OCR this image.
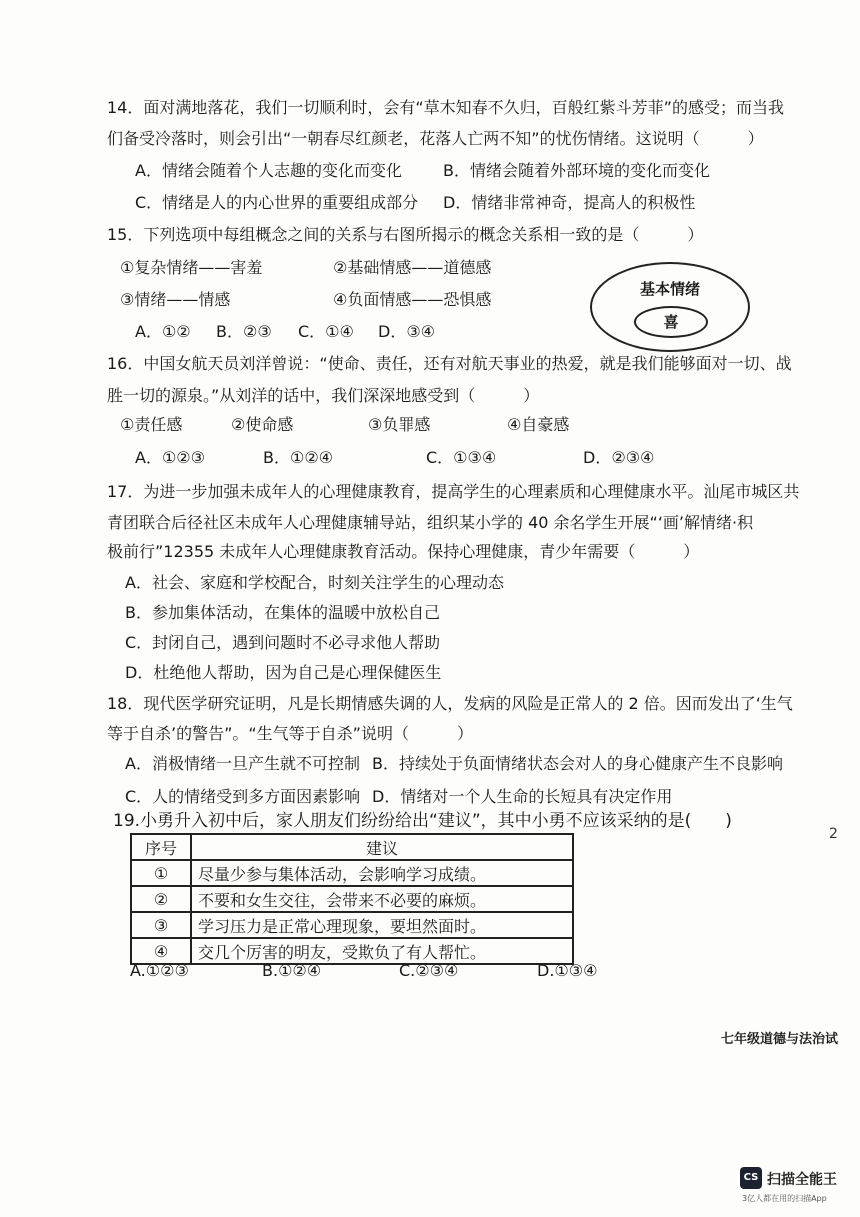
14．面对满地落花，我们一切顺利时，会有“草木知春不久归，百般红紫斗芳菲”的感受；而当我
们备受冷落时，则会引出“一朝春尽红颜老，花落人亡两不知”的忧伤情绪。这说明（　　　）
A．情绪会随着个人志趣的变化而变化	B．情绪会随着外部环境的变化而变化
C．情绪是人的内心世界的重要组成部分 D．情绪非常神奇，提高人的积极性
15．下列选项中每组概念之间的关系与右图所揭示的概念关系相一致的是（　　　）
①复杂情绪——害羞	②基础情感——道德感
③情绪——情感	④负面情感——恐惧感
A．①② B．②③ C．①④ D．③④
基本情绪
喜
16．中国女航天员刘洋曾说：“使命、责任，还有对航天事业的热爱，就是我们能够面对一切、战
胜一切的源泉。”从刘洋的话中，我们深深地感受到（　　　）
①责任感	②使命感	③负罪感	④自豪感
A．①②③	B．①②④	C．①③④	D．②③④
17．为进一步加强未成年人的心理健康教育，提高学生的心理素质和心理健康水平。汕尾市城区共
青团联合后径社区未成年人心理健康辅导站，组织某小学的 40 余名学生开展“‘画’解情绪·积
极前行”12355 未成年人心理健康教育活动。保持心理健康，青少年需要（　　　）
A．社会、家庭和学校配合，时刻关注学生的心理动态
B．参加集体活动，在集体的温暖中放松自己
C．封闭自己，遇到问题时不必寻求他人帮助
D．杜绝他人帮助，因为自己是心理保健医生
18．现代医学研究证明，凡是长期情感失调的人，发病的风险是正常人的 2 倍。因而发出了‘生气
等于自杀’的警告”。“生气等于自杀”说明（　　　）
A．消极情绪一旦产生就不可控制 B．持续处于负面情绪状态会对人的身心健康产生不良影响
C．人的情绪受到多方面因素影响 D．情绪对一个人生命的长短具有决定作用
19.小勇升入初中后，家人朋友们纷纷给出“建议”，其中小勇不应该采纳的是(　　)
序号	建议
①	尽量少参与集体活动，会影响学习成绩。
②	不要和女生交往，会带来不必要的麻烦。
③	学习压力是正常心理现象，要坦然面时。
④	交几个厉害的明友，受欺负了有人帮忙。
A.①②③	B.①②④	C.②③④	D.①③④
2
七年级道德与法治试
CS 扫描全能王
3亿人都在用的扫描App
